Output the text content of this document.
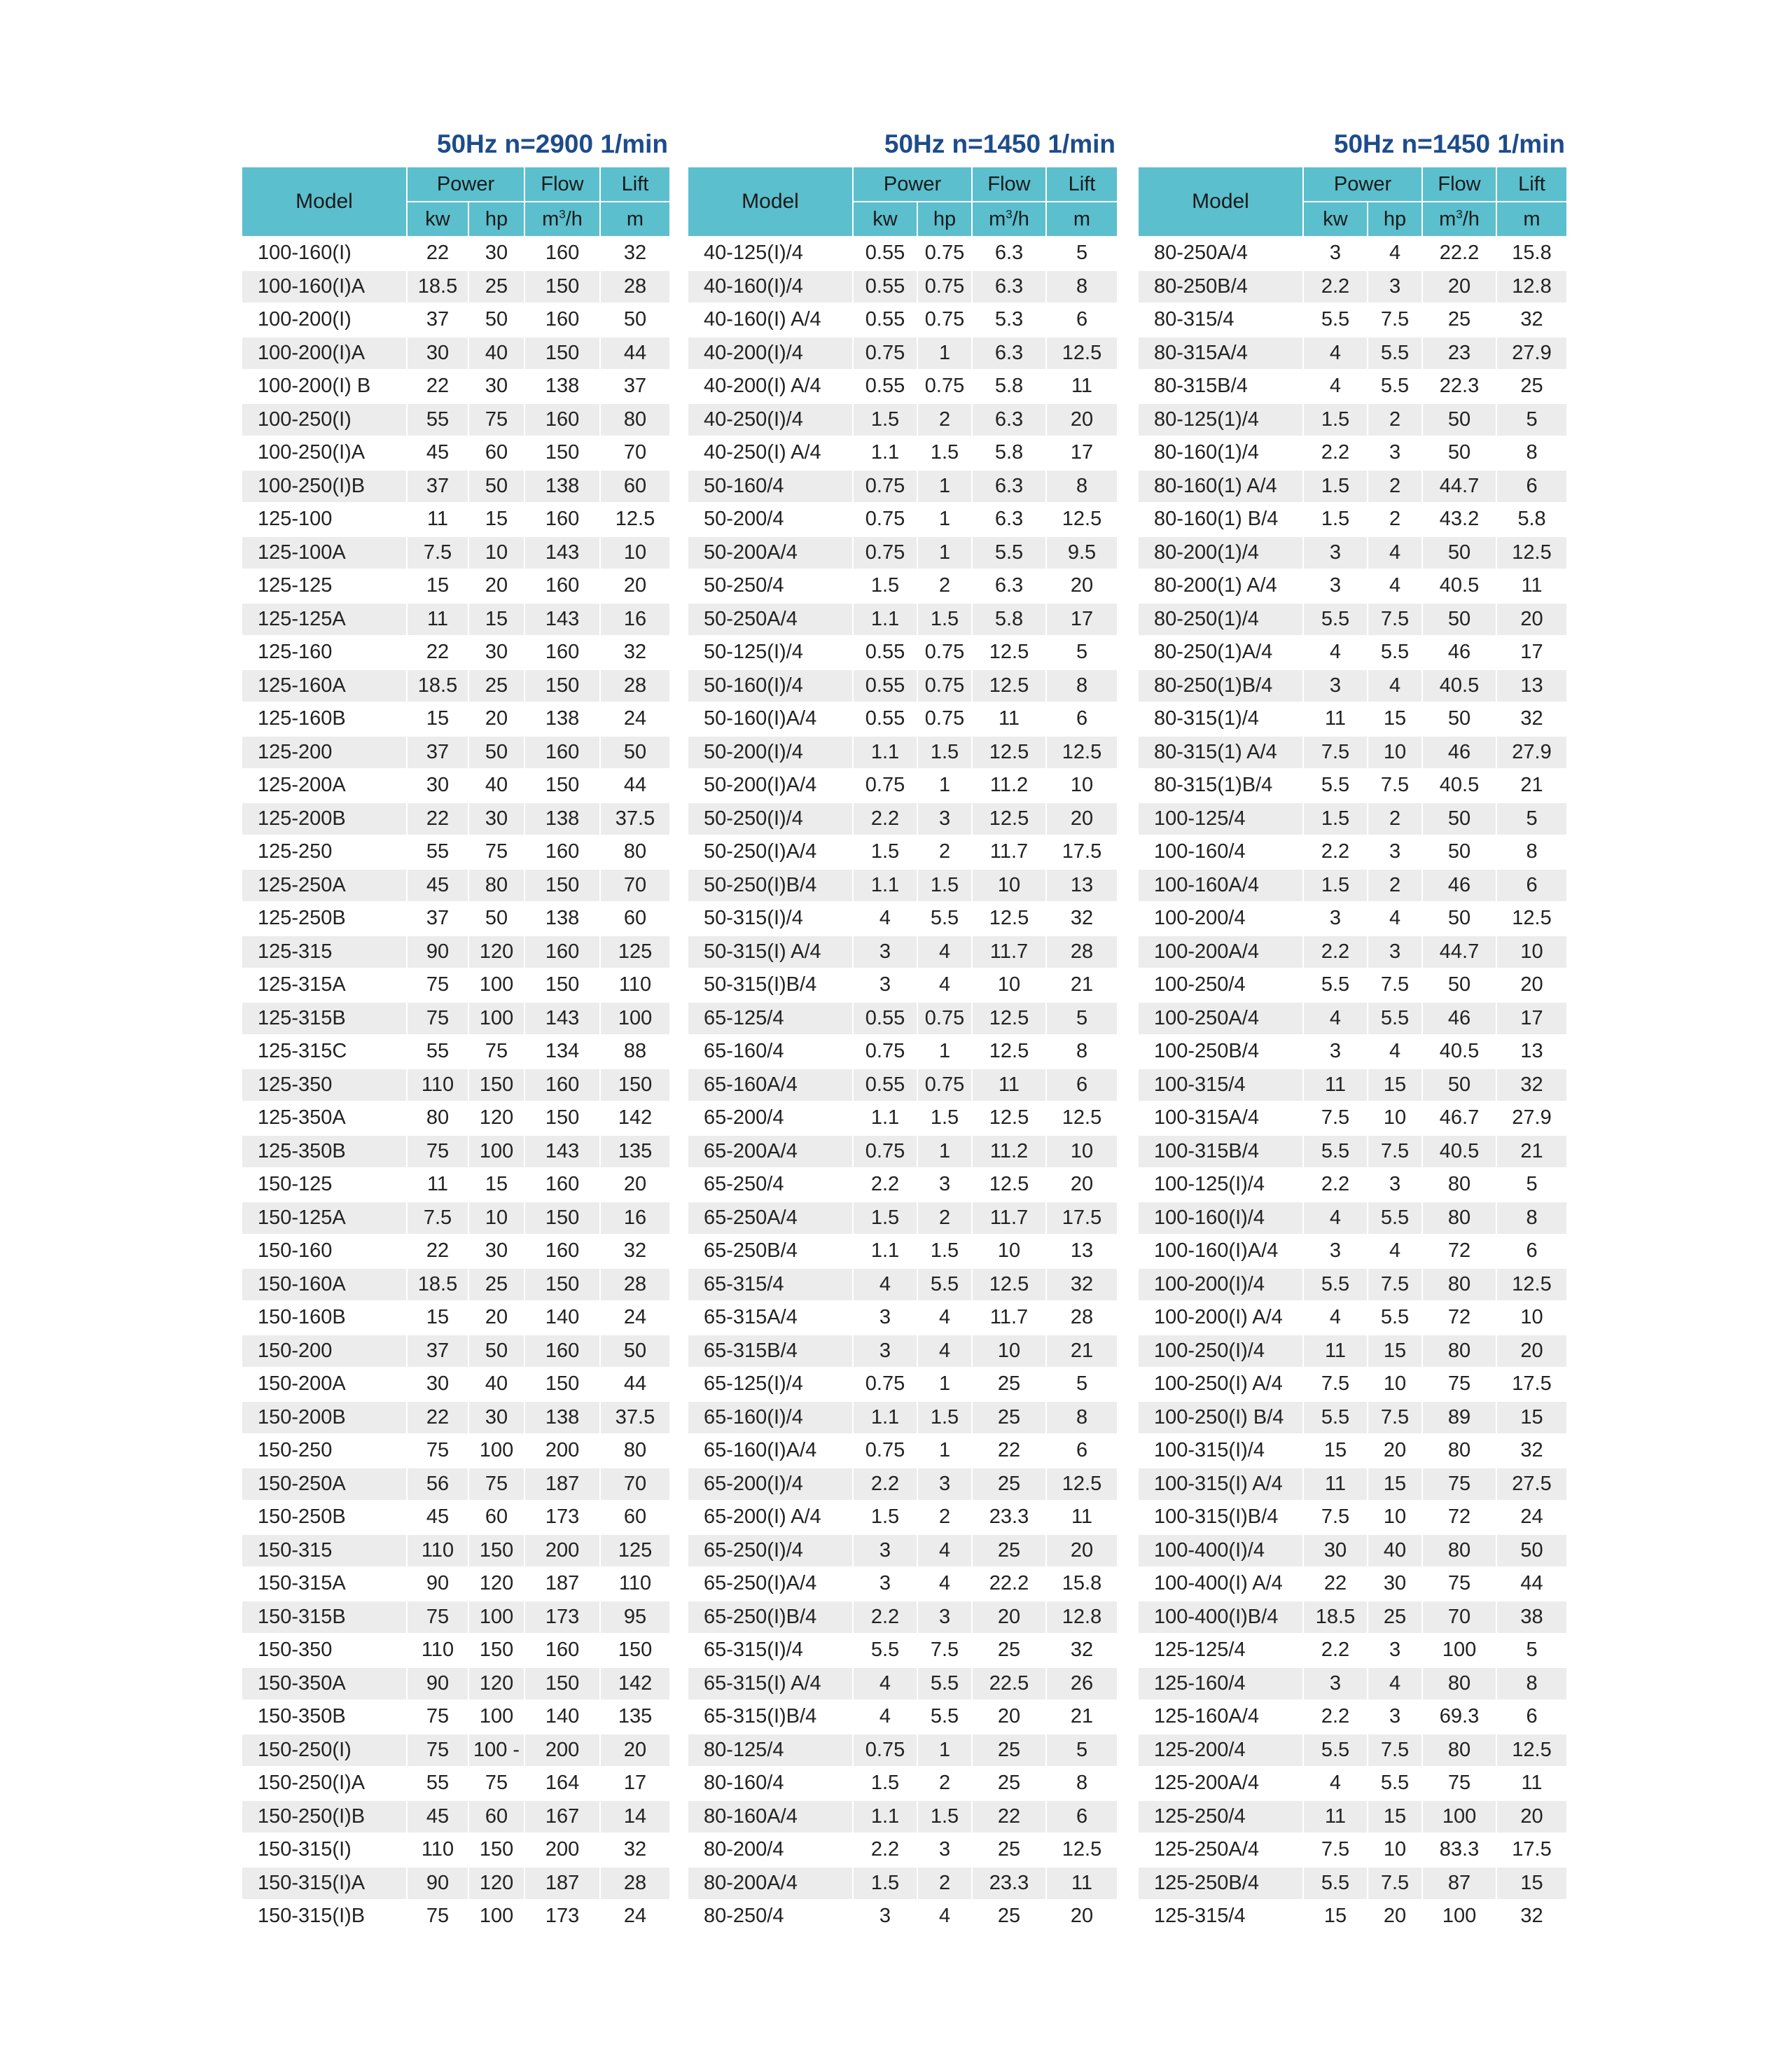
50Hz n=2900 1/min
Model	Power		Flow	Lift
	kw	hp	$m^3/h$	m
100-160(I)	22	30	160	32
100-160(I)A	18.5	25	150	28
100-200(I)	37	50	160	50
100-200(I)A	30	40	150	44
100-200(I) B	22	30	138	37
100-250(I)	55	75	160	80
100-250(I)A	45	60	150	70
100-250(I)B	37	50	138	60
125-100	11	15	160	12.5
125-100A	7.5	10	143	10
125-125	15	20	160	20
125-125A	11	15	143	16
125-160	22	30	160	32
125-160A	18.5	25	150	28
125-160B	15	20	138	24
125-200	37	50	160	50
125-200A	30	40	150	44
125-200B	22	30	138	37.5
125-250	55	75	160	80
125-250A	45	80	150	70
125-250B	37	50	138	60
125-315	90	120	160	125
125-315A	75	100	150	110
125-315B	75	100	143	100
125-315C	55	75	134	88
125-350	110	150	160	150
125-350A	80	120	150	142
125-350B	75	100	143	135
150-125	11	15	160	20
150-125A	7.5	10	150	16
150-160	22	30	160	32
150-160A	18.5	25	150	28
150-160B	15	20	140	24
150-200	37	50	160	50
150-200A	30	40	150	44
150-200B	22	30	138	37.5
150-250	75	100	200	80
150-250A	56	75	187	70
150-250B	45	60	173	60
150-315	110	150	200	125
150-315A	90	120	187	110
150-315B	75	100	173	95
150-350	110	150	160	150
150-350A	90	120	150	142
150-350B	75	100	140	135
150-250(I)	75	100 -	200	20
150-250(I)A	55	75	164	17
150-250(I)B	45	60	167	14
150-315(I)	110	150	200	32
150-315(I)A	90	120	187	28
150-315(I)B	75	100	173	24
50Hz n=1450 1/min
Model	Power		Flow	Lift
	kw	hp	$m^3/h$	m
40-125(I)/4	0.55	0.75	6.3	5
40-160(I)/4	0.55	0.75	6.3	8
40-160(I) A/4	0.55	0.75	5.3	6
40-200(I)/4	0.75	1	6.3	12.5
40-200(I) A/4	0.55	0.75	5.8	11
40-250(I)/4	1.5	2	6.3	20
40-250(I) A/4	1.1	1.5	5.8	17
50-160/4	0.75	1	6.3	8
50-200/4	0.75	1	6.3	12.5
50-200A/4	0.75	1	5.5	9.5
50-250/4	1.5	2	6.3	20
50-250A/4	1.1	1.5	5.8	17
50-125(I)/4	0.55	0.75	12.5	5
50-160(I)/4	0.55	0.75	12.5	8
50-160(I)A/4	0.55	0.75	11	6
50-200(I)/4	1.1	1.5	12.5	12.5
50-200(I)A/4	0.75	1	11.2	10
50-250(I)/4	2.2	3	12.5	20
50-250(I)A/4	1.5	2	11.7	17.5
50-250(I)B/4	1.1	1.5	10	13
50-315(I)/4	4	5.5	12.5	32
50-315(I) A/4	3	4	11.7	28
50-315(I)B/4	3	4	10	21
65-125/4	0.55	0.75	12.5	5
65-160/4	0.75	1	12.5	8
65-160A/4	0.55	0.75	11	6
65-200/4	1.1	1.5	12.5	12.5
65-200A/4	0.75	1	11.2	10
65-250/4	2.2	3	12.5	20
65-250A/4	1.5	2	11.7	17.5
65-250B/4	1.1	1.5	10	13
65-315/4	4	5.5	12.5	32
65-315A/4	3	4	11.7	28
65-315B/4	3	4	10	21
65-125(I)/4	0.75	1	25	5
65-160(I)/4	1.1	1.5	25	8
65-160(I)A/4	0.75	1	22	6
65-200(I)/4	2.2	3	25	12.5
65-200(I) A/4	1.5	2	23.3	11
65-250(I)/4	3	4	25	20
65-250(I)A/4	3	4	22.2	15.8
65-250(I)B/4	2.2	3	20	12.8
65-315(I)/4	5.5	7.5	25	32
65-315(I) A/4	4	5.5	22.5	26
65-315(I)B/4	4	5.5	20	21
80-125/4	0.75	1	25	5
80-160/4	1.5	2	25	8
80-160A/4	1.1	1.5	22	6
80-200/4	2.2	3	25	12.5
80-200A/4	1.5	2	23.3	11
80-250/4	3	4	25	20
50Hz n=1450 1/min
Model	Power		Flow	Lift
	kw	hp	$m^3/h$	m
80-250A/4	3	4	22.2	15.8
80-250B/4	2.2	3	20	12.8
80-315/4	5.5	7.5	25	32
80-315A/4	4	5.5	23	27.9
80-315B/4	4	5.5	22.3	25
80-125(1)/4	1.5	2	50	5
80-160(1)/4	2.2	3	50	8
80-160(1) A/4	1.5	2	44.7	6
80-160(1) B/4	1.5	2	43.2	5.8
80-200(1)/4	3	4	50	12.5
80-200(1) A/4	3	4	40.5	11
80-250(1)/4	5.5	7.5	50	20
80-250(1)A/4	4	5.5	46	17
80-250(1)B/4	3	4	40.5	13
80-315(1)/4	11	15	50	32
80-315(1) A/4	7.5	10	46	27.9
80-315(1)B/4	5.5	7.5	40.5	21
100-125/4	1.5	2	50	5
100-160/4	2.2	3	50	8
100-160A/4	1.5	2	46	6
100-200/4	3	4	50	12.5
100-200A/4	2.2	3	44.7	10
100-250/4	5.5	7.5	50	20
100-250A/4	4	5.5	46	17
100-250B/4	3	4	40.5	13
100-315/4	11	15	50	32
100-315A/4	7.5	10	46.7	27.9
100-315B/4	5.5	7.5	40.5	21
100-125(I)/4	2.2	3	80	5
100-160(I)/4	4	5.5	80	8
100-160(I)A/4	3	4	72	6
100-200(I)/4	5.5	7.5	80	12.5
100-200(I) A/4	4	5.5	72	10
100-250(I)/4	11	15	80	20
100-250(I) A/4	7.5	10	75	17.5
100-250(I) B/4	5.5	7.5	89	15
100-315(I)/4	15	20	80	32
100-315(I) A/4	11	15	75	27.5
100-315(I)B/4	7.5	10	72	24
100-400(I)/4	30	40	80	50
100-400(I) A/4	22	30	75	44
100-400(I)B/4	18.5	25	70	38
125-125/4	2.2	3	100	5
125-160/4	3	4	80	8
125-160A/4	2.2	3	69.3	6
125-200/4	5.5	7.5	80	12.5
125-200A/4	4	5.5	75	11
125-250/4	11	15	100	20
125-250A/4	7.5	10	83.3	17.5
125-250B/4	5.5	7.5	87	15
125-315/4	15	20	100	32
